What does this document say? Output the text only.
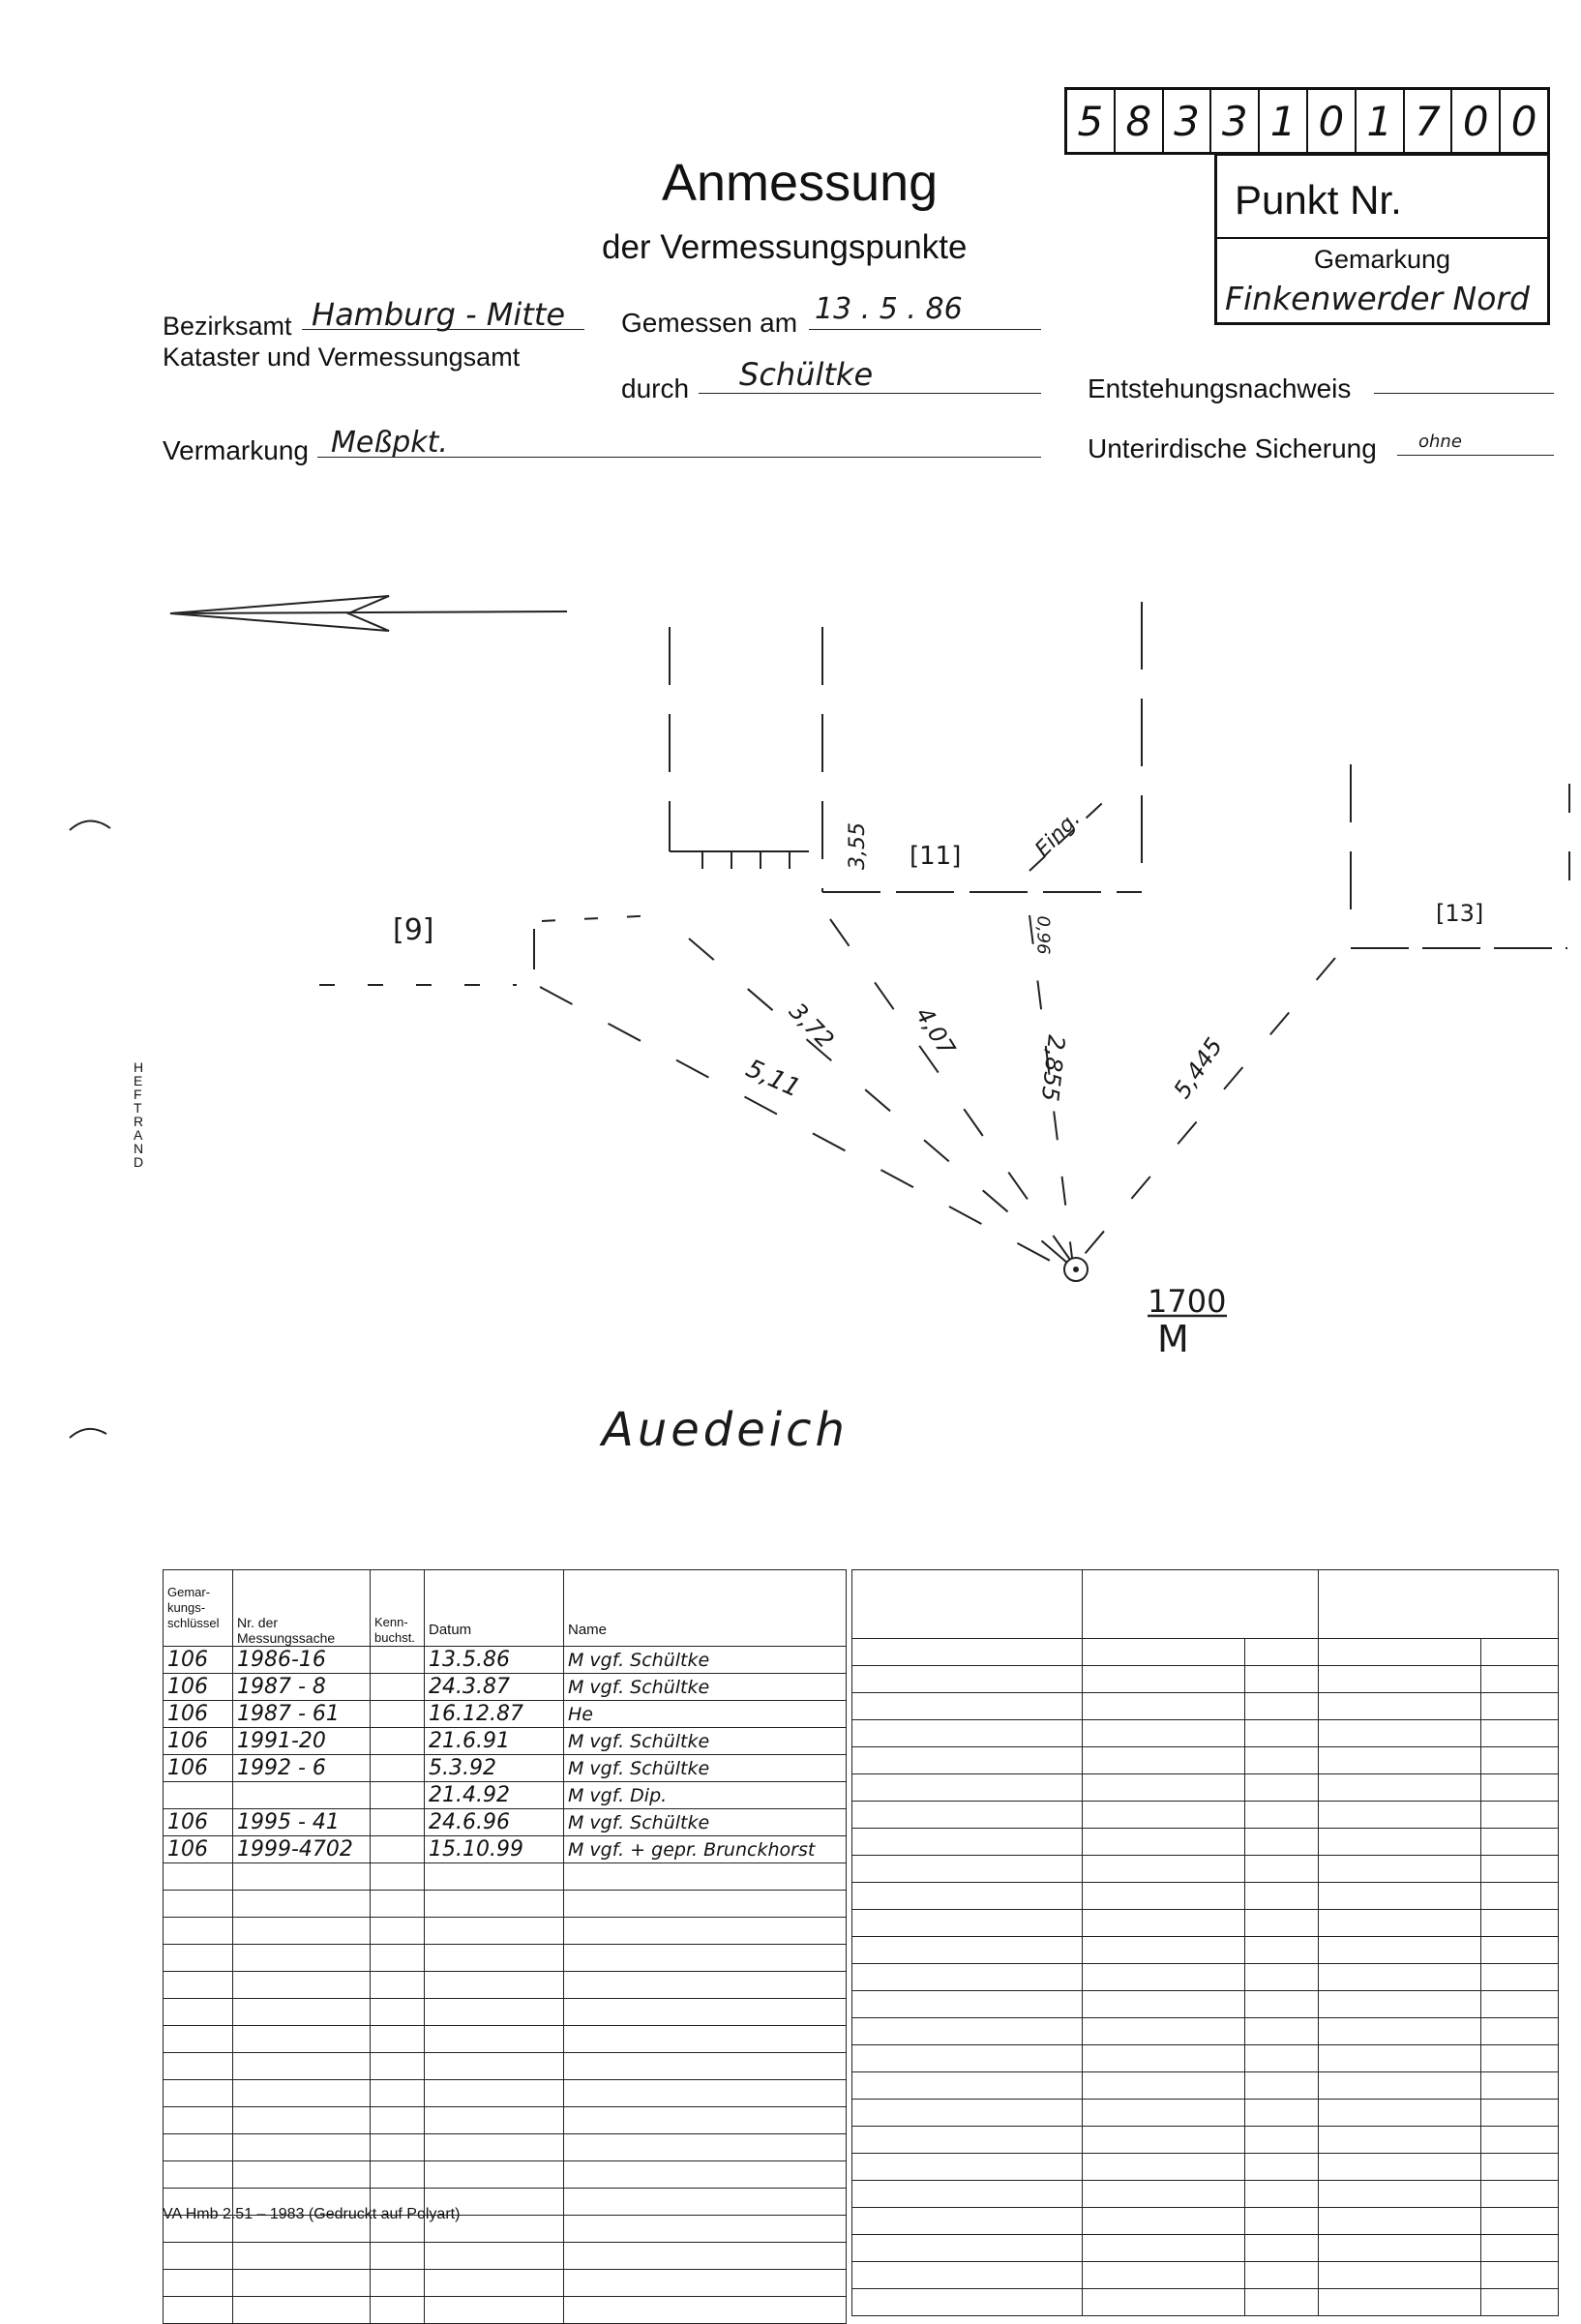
5 8 3 3 1 0 1 7 0 0
Punkt Nr.
Gemarkung
Finkenwerder Nord
Anmessung
der Vermessungspunkte
Bezirksamt Hamburg - Mitte
Kataster und Vermessungsamt
Gemessen am 13 . 5 . 86
durch Schültke	Entstehungsnachweis
Vermarkung Meßpkt.	Unterirdische Sicherung ohne
HEFTRAND
[9]
[11]
[13]
5,11
3,72	4,07
2,855	5,445
3,55
0,96
Eing.
1700
M
Auedeich
Gemar-kungs-schlüssel	Nr. der Messungssache	Kenn-buchst.	Datum	Name
106	1986-16		13.5.86	M vgf. Schültke
106	1987 - 8		24.3.87	M vgf. Schültke
106	1987 - 61		16.12.87	He
106	1991-20		21.6.91	M vgf. Schültke
106	1992 - 6		5.3.92	M vgf. Schültke
			21.4.92	M vgf. Dip.
106	1995 - 41		24.6.96	M vgf. Schültke
106	1999-4702		15.10.99	M vgf. + gepr. Brunckhorst

VA Hmb 2.51 – 1983 (Gedruckt auf Polyart)
